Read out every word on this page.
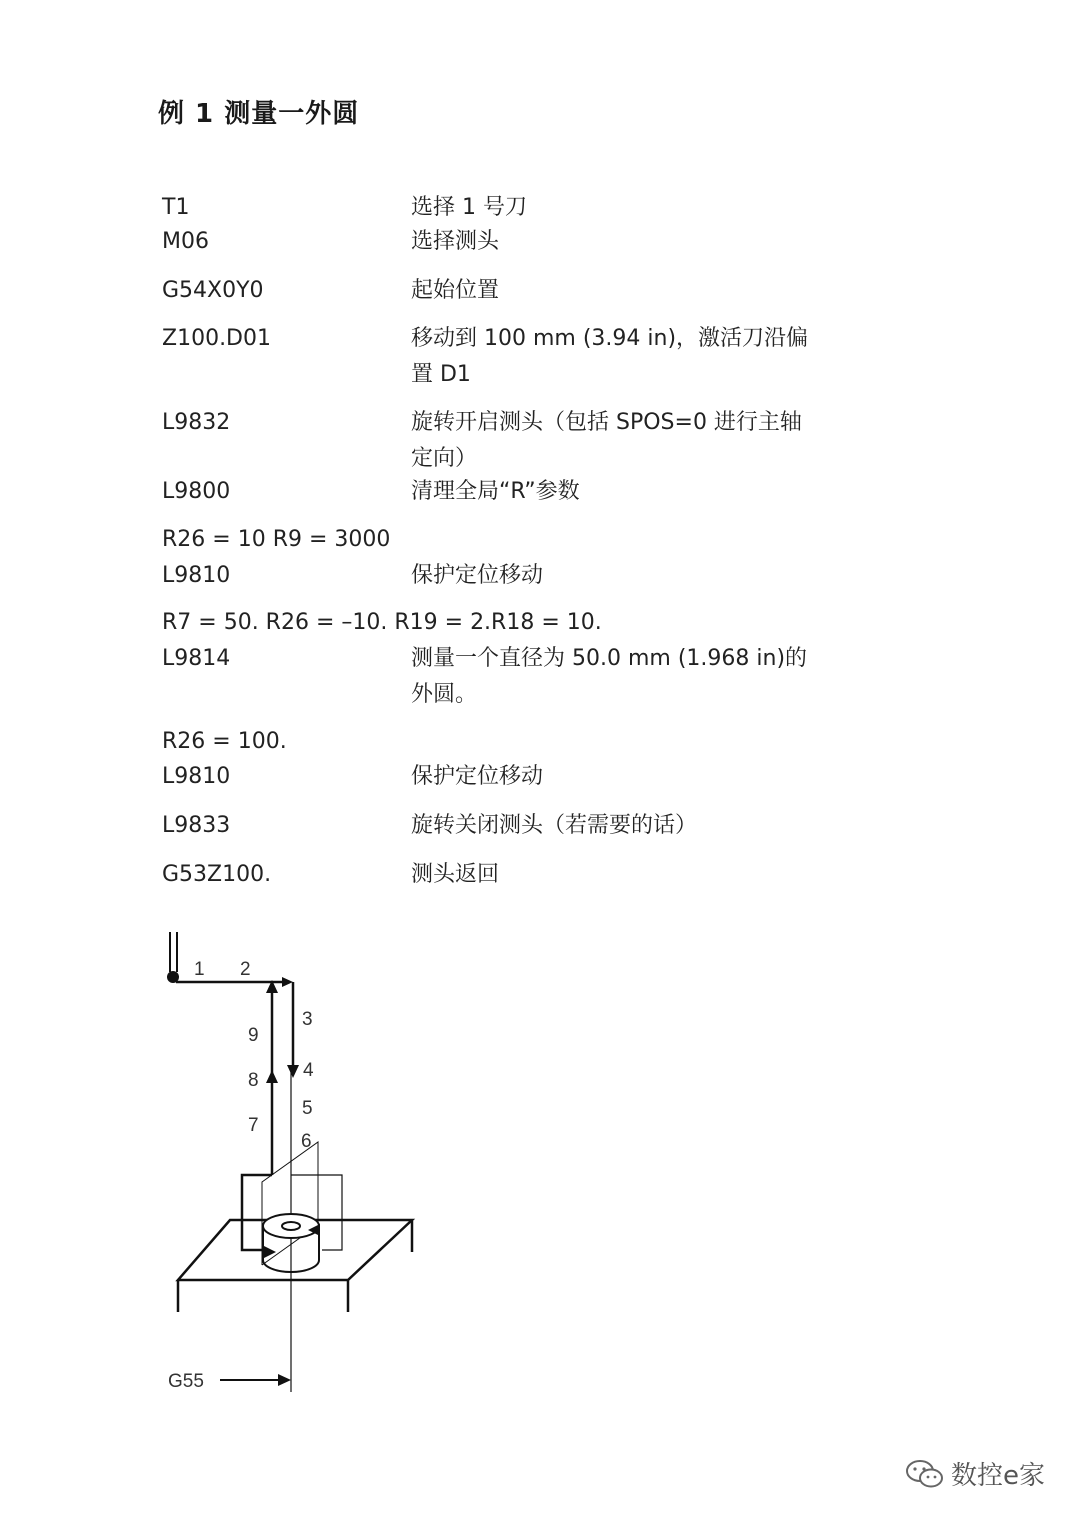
例 1 测量一外圆
T1	选择 1 号刀
M06	选择测头
G54X0Y0	起始位置
Z100.D01	移动到 100 mm (3.94 in)，激活刀沿偏置 D1
L9832	旋转开启测头（包括 SPOS=0 进行主轴定向）
L9800	清理全局“R”参数
R26 = 10 R9 = 3000
L9810	保护定位移动
R7 = 50. R26 = –10. R19 = 2.R18 = 10.
L9814	测量一个直径为 50.0 mm (1.968 in)的外圆。
R26 = 100.
L9810	保护定位移动
L9833	旋转关闭测头（若需要的话）
G53Z100.	测头返回
1 2
3
4
5
6
7
8
9
G55
数控e家
